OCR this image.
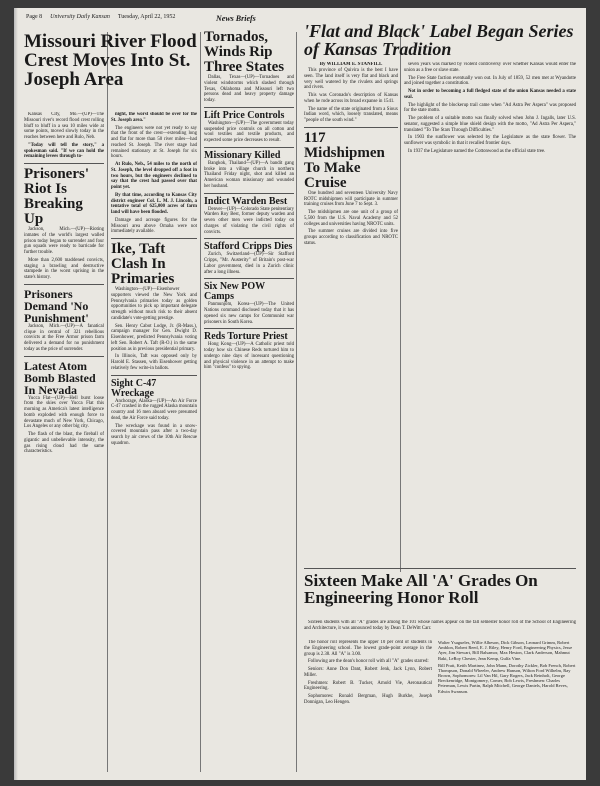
Page 8 University Daily Kansan Tuesday, April 22, 1952	News Briefs
Missouri River Flood Crest Moves Into St. Joseph Area

Kansas City, Mo.—(UP)—The Missouri river's record flood crest rolling bluff to bluff in a sea 10 miles wide at some points, moved slowly today in the reaches between here and Rulo, Neb.

"Today will tell the story," a spokesman said. "If we can hold the remaining levees through to-

Prisoners' Riot Is Breaking Up

Jackson, Mich.—(UP)—Rioting inmates of the world's largest walled prison today began to surrender and four gun squads were ready to barricade for further trouble.

More than 2,600 maddened convicts, staging a brawling and destructive stampede in the worst uprising in the state's history.

Prisoners Demand 'No Punishment'

Jackson, Mich.—(UP)—A fanatical clique in central of 321 rebellious convicts at the Free Armor prison farm delivered a demand for no punishment today as the price of surrender.

Latest Atom Bomb Blasted In Nevada

Yucca Flat—(UP)—Hell burst loose from the skies over Yucca Flat this morning as America's latest intelligence bomb exploded with enough force to devastate much of New York, Chicago, Los Angeles or any other big city.

The flash of the blast, the fireball of gigantic and unbelievable intensity, the gas rising cloud had the same characteristics.

night, the worst should be over for the St. Joseph area."

The engineers were not yet ready to say that the front of the crest—extending long and flat for more than 50 river miles—had reached St. Joseph. The river stage had remained stationary at St. Joseph for six hours.

At Rulo, Neb., 54 miles to the north of St. Joseph, the level dropped off a foot in two hours, but the engineers declined to say that the crest had passed over that point yet.

By that time, according to Kansas City district engineer Col. L. M. J. Lincoln, a tentative total of 625,000 acres of farm land will have been flooded.

Damage and acreage figures for the Missouri area above Omaha were not immediately available.

Ike, Taft Clash In Primaries

Washington—(UP)—Eisenhower supporters viewed the New York and Pennsylvania primaries today as golden opportunities to pick up important delegate strength without much risk to their absent candidate's vote-getting prestige.

Sen. Henry Cabot Lodge, Jr. (R-Mass.), campaign manager for Gen. Dwight D. Eisenhower, predicted Pennsylvania voting left Sen. Robert A. Taft (R-O.) in the same position as in previous presidential primary.

In Illinois, Taft was opposed only by Harold E. Stassen, with Eisenhower getting relatively few write-in ballots.

Sight C-47 Wreckage

Anchorage, Alaska—(UP)—An Air Force C-47 crashed in the rugged Alaska mountain country and 16 men aboard were presumed dead, the Air Force said today.

The wreckage was found in a snow-covered mountain pass after a two-day search by air crews of the 10th Air Rescue squadron.

Tornados, Winds Rip Three States

Dallas, Texas—(UP)—Tornadoes and violent windstorms which slashed through Texas, Oklahoma and Missouri left two persons dead and heavy property damage today.

Lift Price Controls

Washington—(UP)—The government today suspended price controls on all cotton and wool textiles and textile products, and expected some price decreases to result.

Missionary Killed

Bangkok, Thailand—(UP)—A bandit gang broke into a village church in northern Thailand Friday night, shot and killed an American woman missionary and wounded her husband.

Indict Warden Best

Denver—(UP)—Colorado State penitentiary Warden Roy Best, former deputy warden and seven other men were indicted today on charges of violating the civil rights of convicts.

Stafford Cripps Dies

Zurich, Switzerland—(UP)—Sir Stafford Cripps, "Mr. Austerity" of Britain's post-war Labor government, died in a Zurich clinic after a long illness.

Six New POW Camps

Panmunjom, Korea—(UP)—The United Nations command disclosed today that it has opened six new camps for Communist war prisoners in South Korea.

Reds Torture Priest

Hong Kong—(UP)—A Catholic priest told today how six Chinese Reds tortured him to undergo nine days of incessant questioning and physical violence in an attempt to make him "confess" to spying.

'Flat and Black' Label Began Series of Kansas Tradition
By WILLIAM E. STANFILL

This province of Quivira is the best I have seen. The land itself is very flat and black and very well watered by the rivulets and springs and rivers.

This was Coronado's description of Kansas when he rode across its broad expanse in 1541.

The name of the state originated from a Sioux Indian word, which, loosely translated, means "people of the south wind."

117 Midshipmen To Make Cruise

One hundred and seventeen University Navy ROTC midshipmen will participate in summer training cruises from June 7 to Sept. 3.

The midshipmen are one unit of a group of 5,500 from the U.S. Naval Academy and 52 colleges and universities having NROTC units.

The summer cruises are divided into five groups according to classification and NROTC status.

seven years was marked by violent controversy over whether Kansas would enter the union as a free or slave state.

The Free State faction eventually won out. In July of 1859, 52 men met at Wyandotte and joined together a constitution.

Not in order to becoming a full fledged state of the union Kansas needed a state seal.

The highlight of the blockerup trail came when "Ad Astra Per Aspera" was proposed for the state motto.

The problem of a suitable motto was finally solved when John J. Ingalls, later U.S. senator, suggested a simple blue shield design with the motto, "Ad Astra Per Aspera," translated "To The Stars Through Difficulties."

In 1903 the sunflower was selected by the Legislature as the state flower. The sunflower was symbolic in that it recalled frontier days.

In 1937 the Legislature named the Cottonwood as the official state tree.

Sixteen Make All 'A' Grades On Engineering Honor Roll

Sixteen students with all "A" grades are among the 101 whose names appear on the fall semester honor roll of the School of Engineering and Architecture, it was announced today by Dean T. DeWitt Carr.

The honor roll represents the upper 10 per cent of students in the Engineering school. The lowest grade-point average in the group is 2.38. All "A" is 3.00.

Following are the dean's honor roll with all "A" grades starred:

Seniors: Anne Don Dant, Robert Jenk, Jack Lynn, Robert Miller.

Freshmen: Robert B. Tucker, Arnold Vie, Aeronautical Engineering.

Sophomores: Ronald Bergman, Hugh Burkhe, Joseph Donnigan, Leo Hengen.

Walter Ysagueles, Willie Albeson, Dick Gibson, Leonard Grimm, Robert Amblon, Robert Reed, E. J. Riley, Henry Ford, Engineering Physics, Jesse Ayer, Jim Stewart, Bill Balsamor, Max Heston, Clark Anderson, Mahmut Baki, LeRoy Chester, Jean Kemp, Gulfa Vine.
Bill Pratt, Keith Martinez, John Mann, Dorothy Zickler, Bob French, Robert Thompson, Donald Wheeler, Andrew Hanson, Wilton Ford Wilhelm, Ray Brown, Sophomores: Lil Van Hil, Gary Rogers, Jack Reinholt, George Breckenridge, Montgomery, Comer, Bob Lewis, Freshmen: Charles Peterman, Lewis Partin, Ralph Mitchell, George Daniels, Harold Reves, Edwin Swanson.
